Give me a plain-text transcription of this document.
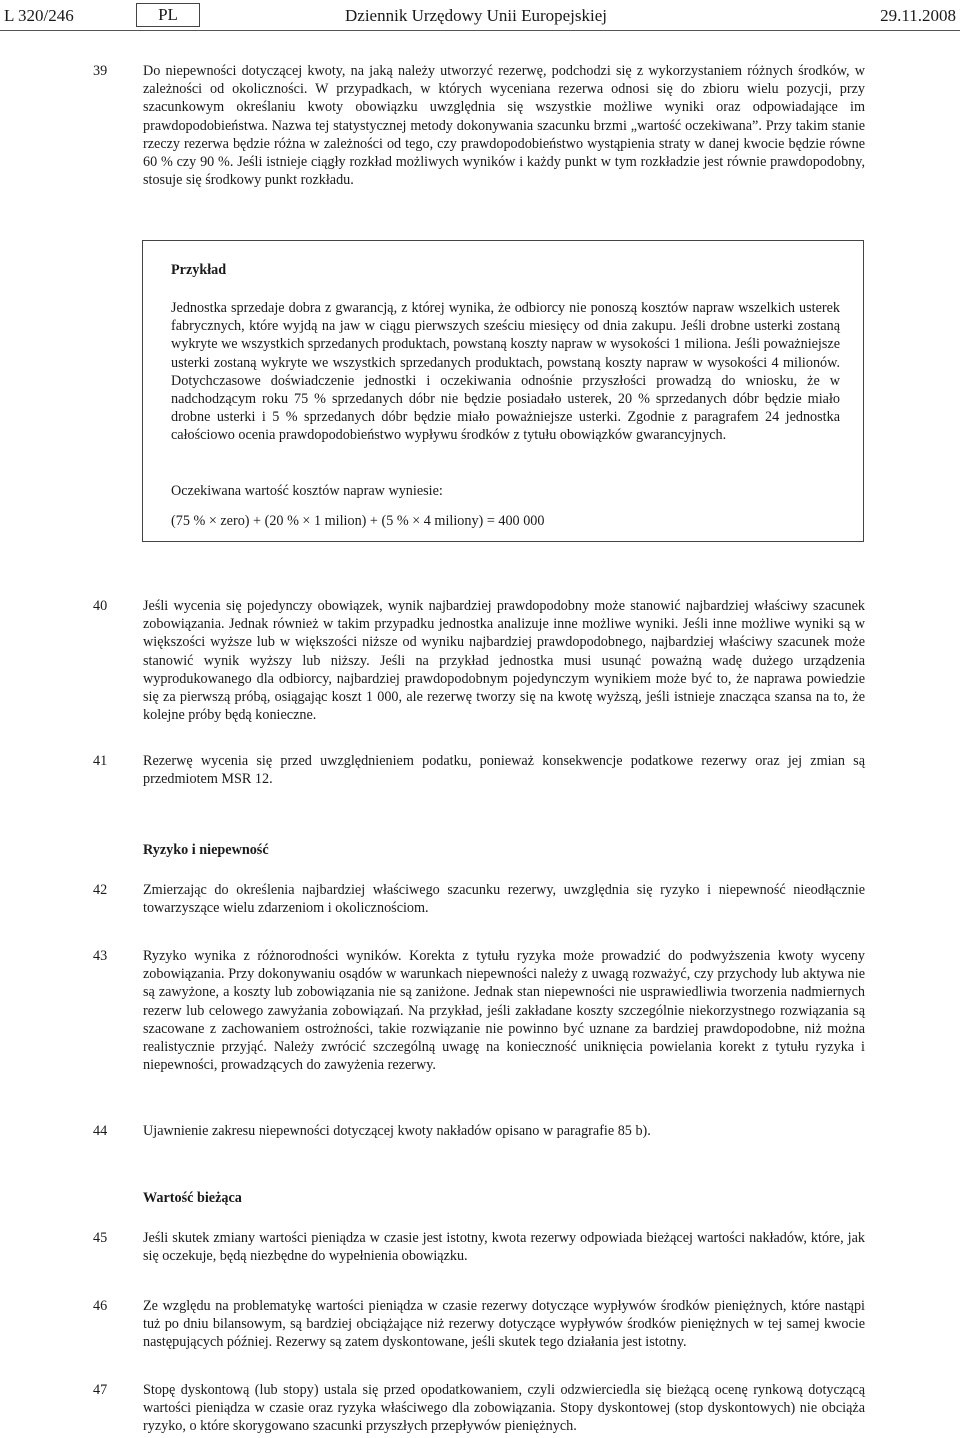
L 320/246	PL	Dziennik Urzędowy Unii Europejskiej	29.11.2008
39	Do niepewności dotyczącej kwoty, na jaką należy utworzyć rezerwę, podchodzi się z wykorzystaniem różnych środków, w zależności od okoliczności. W przypadkach, w których wyceniana rezerwa odnosi się do zbioru wielu pozycji, przy szacunkowym określaniu kwoty obowiązku uwzględnia się wszystkie możliwe wyniki oraz odpowiadające im prawdopodobieństwa. Nazwa tej statystycznej metody dokonywania szacunku brzmi „wartość oczekiwana”. Przy takim stanie rzeczy rezerwa będzie różna w zależności od tego, czy prawdopodobieństwo wystąpienia straty w danej kwocie będzie równe 60 % czy 90 %. Jeśli istnieje ciągły rozkład możliwych wyników i każdy punkt w tym rozkładzie jest równie prawdopodobny, stosuje się środkowy punkt rozkładu.
Przykład
Jednostka sprzedaje dobra z gwarancją, z której wynika, że odbiorcy nie ponoszą kosztów napraw wszelkich usterek fabrycznych, które wyjdą na jaw w ciągu pierwszych sześciu miesięcy od dnia zakupu. Jeśli drobne usterki zostaną wykryte we wszystkich sprzedanych produktach, powstaną koszty napraw w wysokości 1 miliona. Jeśli poważniejsze usterki zostaną wykryte we wszystkich sprzedanych produktach, powstaną koszty napraw w wysokości 4 milionów. Dotychczasowe doświadczenie jednostki i oczekiwania odnośnie przyszłości prowadzą do wniosku, że w nadchodzącym roku 75 % sprzedanych dóbr nie będzie posiadało usterek, 20 % sprzedanych dóbr będzie miało drobne usterki i 5 % sprzedanych dóbr będzie miało poważniejsze usterki. Zgodnie z paragrafem 24 jednostka całościowo ocenia prawdopodobieństwo wypływu środków z tytułu obowiązków gwarancyjnych.
Oczekiwana wartość kosztów napraw wyniesie:
(75 % × zero) + (20 % × 1 milion) + (5 % × 4 miliony) = 400 000
40	Jeśli wycenia się pojedynczy obowiązek, wynik najbardziej prawdopodobny może stanowić najbardziej właściwy szacunek zobowiązania. Jednak również w takim przypadku jednostka analizuje inne możliwe wyniki. Jeśli inne możliwe wyniki są w większości wyższe lub w większości niższe od wyniku najbardziej prawdopodobnego, najbardziej właściwy szacunek może stanowić wynik wyższy lub niższy. Jeśli na przykład jednostka musi usunąć poważną wadę dużego urządzenia wyprodukowanego dla odbiorcy, najbardziej prawdopodobnym pojedynczym wynikiem może być to, że naprawa powiedzie się za pierwszą próbą, osiągając koszt 1 000, ale rezerwę tworzy się na kwotę wyższą, jeśli istnieje znacząca szansa na to, że kolejne próby będą konieczne.
41	Rezerwę wycenia się przed uwzględnieniem podatku, ponieważ konsekwencje podatkowe rezerwy oraz jej zmian są przedmiotem MSR 12.
Ryzyko i niepewność
42	Zmierzając do określenia najbardziej właściwego szacunku rezerwy, uwzględnia się ryzyko i niepewność nieodłącznie towarzyszące wielu zdarzeniom i okolicznościom.
43	Ryzyko wynika z różnorodności wyników. Korekta z tytułu ryzyka może prowadzić do podwyższenia kwoty wyceny zobowiązania. Przy dokonywaniu osądów w warunkach niepewności należy z uwagą rozważyć, czy przychody lub aktywa nie są zawyżone, a koszty lub zobowiązania nie są zaniżone. Jednak stan niepewności nie usprawiedliwia tworzenia nadmiernych rezerw lub celowego zawyżania zobowiązań. Na przykład, jeśli zakładane koszty szczególnie niekorzystnego rozwiązania są szacowane z zachowaniem ostrożności, takie rozwiązanie nie powinno być uznane za bardziej prawdopodobne, niż można realistycznie przyjąć. Należy zwrócić szczególną uwagę na konieczność uniknięcia powielania korekt z tytułu ryzyka i niepewności, prowadzących do zawyżenia rezerwy.
44	Ujawnienie zakresu niepewności dotyczącej kwoty nakładów opisano w paragrafie 85 b).
Wartość bieżąca
45	Jeśli skutek zmiany wartości pieniądza w czasie jest istotny, kwota rezerwy odpowiada bieżącej wartości nakładów, które, jak się oczekuje, będą niezbędne do wypełnienia obowiązku.
46	Ze względu na problematykę wartości pieniądza w czasie rezerwy dotyczące wypływów środków pieniężnych, które nastąpi tuż po dniu bilansowym, są bardziej obciążające niż rezerwy dotyczące wypływów środków pieniężnych w tej samej kwocie następujących później. Rezerwy są zatem dyskontowane, jeśli skutek tego działania jest istotny.
47	Stopę dyskontową (lub stopy) ustala się przed opodatkowaniem, czyli odzwierciedla się bieżącą ocenę rynkową dotyczącą wartości pieniądza w czasie oraz ryzyka właściwego dla zobowiązania. Stopy dyskontowej (stop dyskontowych) nie obciąża ryzyko, o które skorygowano szacunki przyszłych przepływów pieniężnych.
